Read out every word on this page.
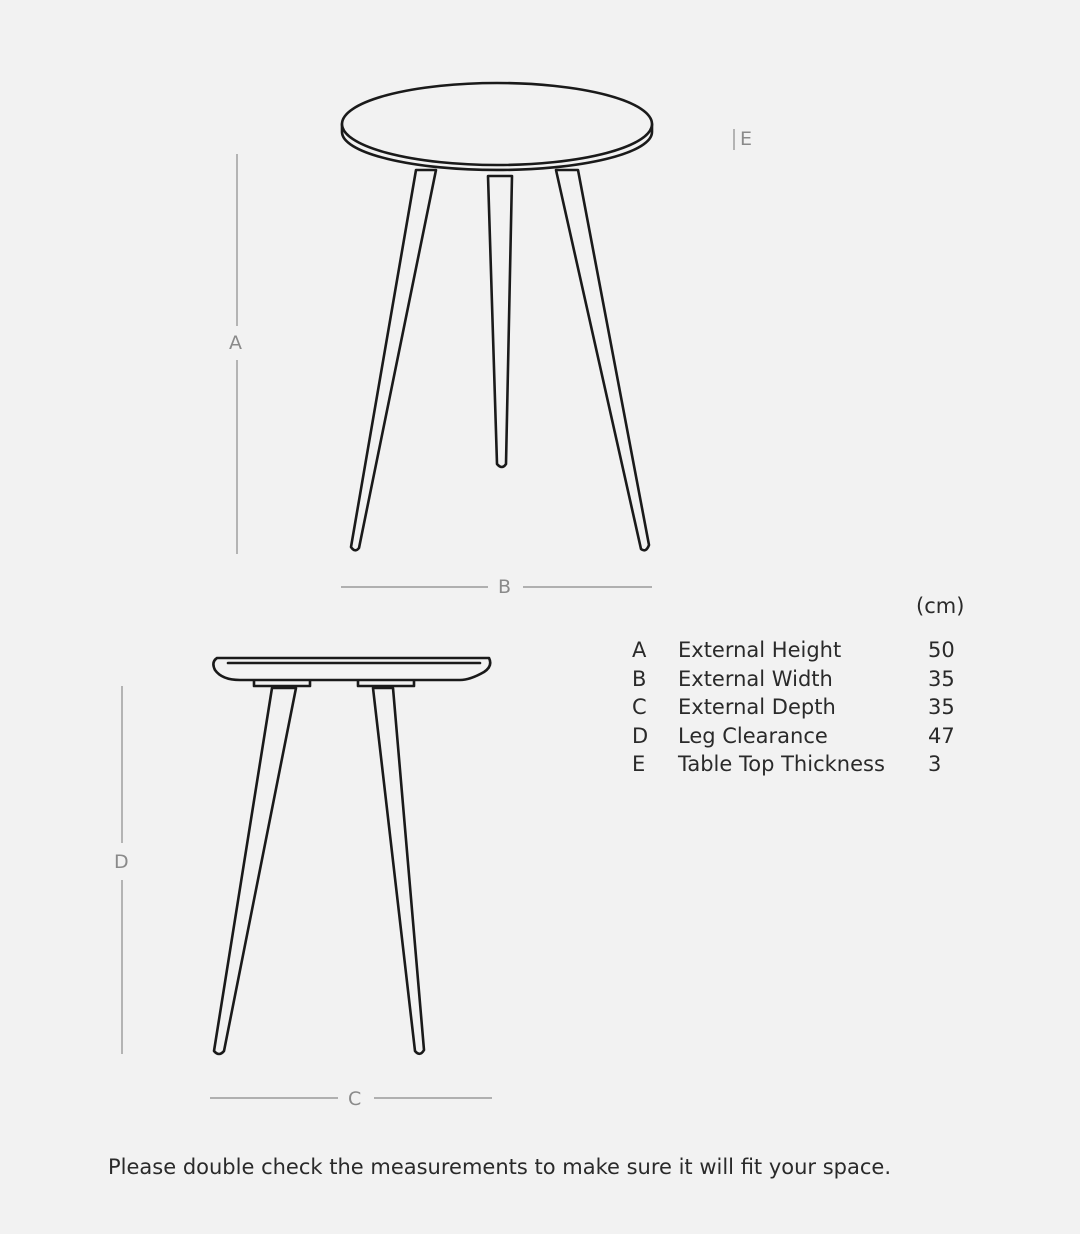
A
B
C
D
E
(cm)
A	External Height	50
B	External Width	35
C	External Depth	35
D	Leg Clearance	47
E	Table Top Thickness	3
Please double check the measurements to make sure it will fit your space.
